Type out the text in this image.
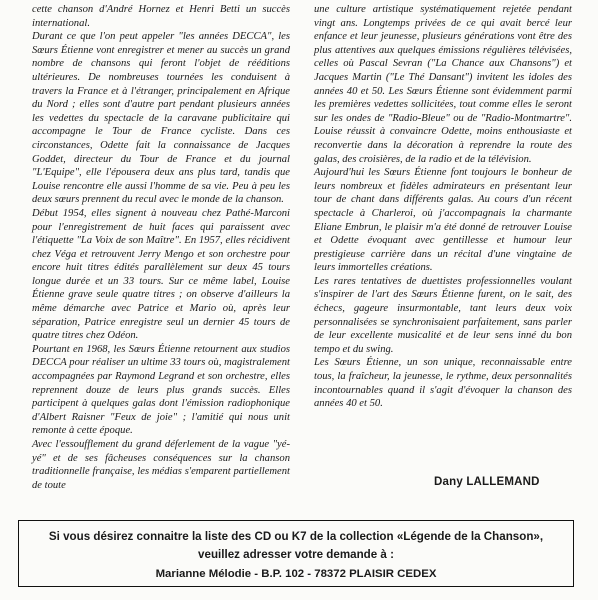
cette chanson d'André Hornez et Henri Betti un succès international.

Durant ce que l'on peut appeler "les années DECCA", les Sœurs Étienne vont enregistrer et mener au succès un grand nombre de chansons qui feront l'objet de rééditions ultérieures. De nombreuses tournées les conduisent à travers la France et à l'étranger, principalement en Afrique du Nord ; elles sont d'autre part pendant plusieurs années les vedettes du spectacle de la caravane publicitaire qui accompagne le Tour de France cycliste. Dans ces circonstances, Odette fait la connaissance de Jacques Goddet, directeur du Tour de France et du journal "L'Equipe", elle l'épousera deux ans plus tard, tandis que Louise rencontre elle aussi l'homme de sa vie. Peu à peu les deux sœurs prennent du recul avec le monde de la chanson.

Début 1954, elles signent à nouveau chez Pathé-Marconi pour l'enregistrement de huit faces qui paraissent avec l'étiquette "La Voix de son Maître". En 1957, elles récidivent chez Véga et retrouvent Jerry Mengo et son orchestre pour encore huit titres édités parallèlement sur deux 45 tours longue durée et un 33 tours. Sur ce même label, Louise Étienne grave seule quatre titres ; on observe d'ailleurs la même démarche avec Patrice et Mario où, après leur séparation, Patrice enregistre seul un dernier 45 tours de quatre titres chez Odéon.

Pourtant en 1968, les Sœurs Étienne retournent aux studios DECCA pour réaliser un ultime 33 tours où, magistralement accompagnées par Raymond Legrand et son orchestre, elles reprennent douze de leurs plus grands succès. Elles participent à quelques galas dont l'émission radiophonique d'Albert Raisner "Feux de joie" ; l'amitié qui nous unit remonte à cette époque.

Avec l'essoufflement du grand déferlement de la vague "yé-yé" et de ses fâcheuses conséquences sur la chanson traditionnelle française, les médias s'emparent partiellement de toute

une culture artistique systématiquement rejetée pendant vingt ans. Longtemps privées de ce qui avait bercé leur enfance et leur jeunesse, plusieurs générations vont être des plus attentives aux quelques émissions régulières télévisées, celles où Pascal Sevran ("La Chance aux Chansons") et Jacques Martin ("Le Thé Dansant") invitent les idoles des années 40 et 50. Les Sœurs Étienne sont évidemment parmi les premières vedettes sollicitées, tout comme elles le seront sur les ondes de "Radio-Bleue" ou de "Radio-Montmartre". Louise réussit à convaincre Odette, moins enthousiaste et reconvertie dans la décoration à reprendre la route des galas, des croisières, de la radio et de la télévision.

Aujourd'hui les Sœurs Étienne font toujours le bonheur de leurs nombreux et fidèles admirateurs en présentant leur tour de chant dans différents galas. Au cours d'un récent spectacle à Charleroi, où j'accompagnais la charmante Eliane Embrun, le plaisir m'a été donné de retrouver Louise et Odette évoquant avec gentillesse et humour leur prestigieuse carrière dans un récital d'une vingtaine de leurs immortelles créations.

Les rares tentatives de duettistes professionnelles voulant s'inspirer de l'art des Sœurs Étienne furent, on le sait, des échecs, gageure insurmontable, tant leurs deux voix personnalisées se synchronisaient parfaitement, sans parler de leur excellente musicalité et de leur sens inné du bon tempo et du swing.

Les Sœurs Étienne, un son unique, reconnaissable entre tous, la fraîcheur, la jeunesse, le rythme, deux personnalités incontournables quand il s'agit d'évoquer la chanson des années 40 et 50.

Dany LALLEMAND
Si vous désirez connaitre la liste des CD ou K7 de la collection «Légende de la Chanson»,
veuillez adresser votre demande à :
Marianne Mélodie - B.P. 102 - 78372 PLAISIR CEDEX
